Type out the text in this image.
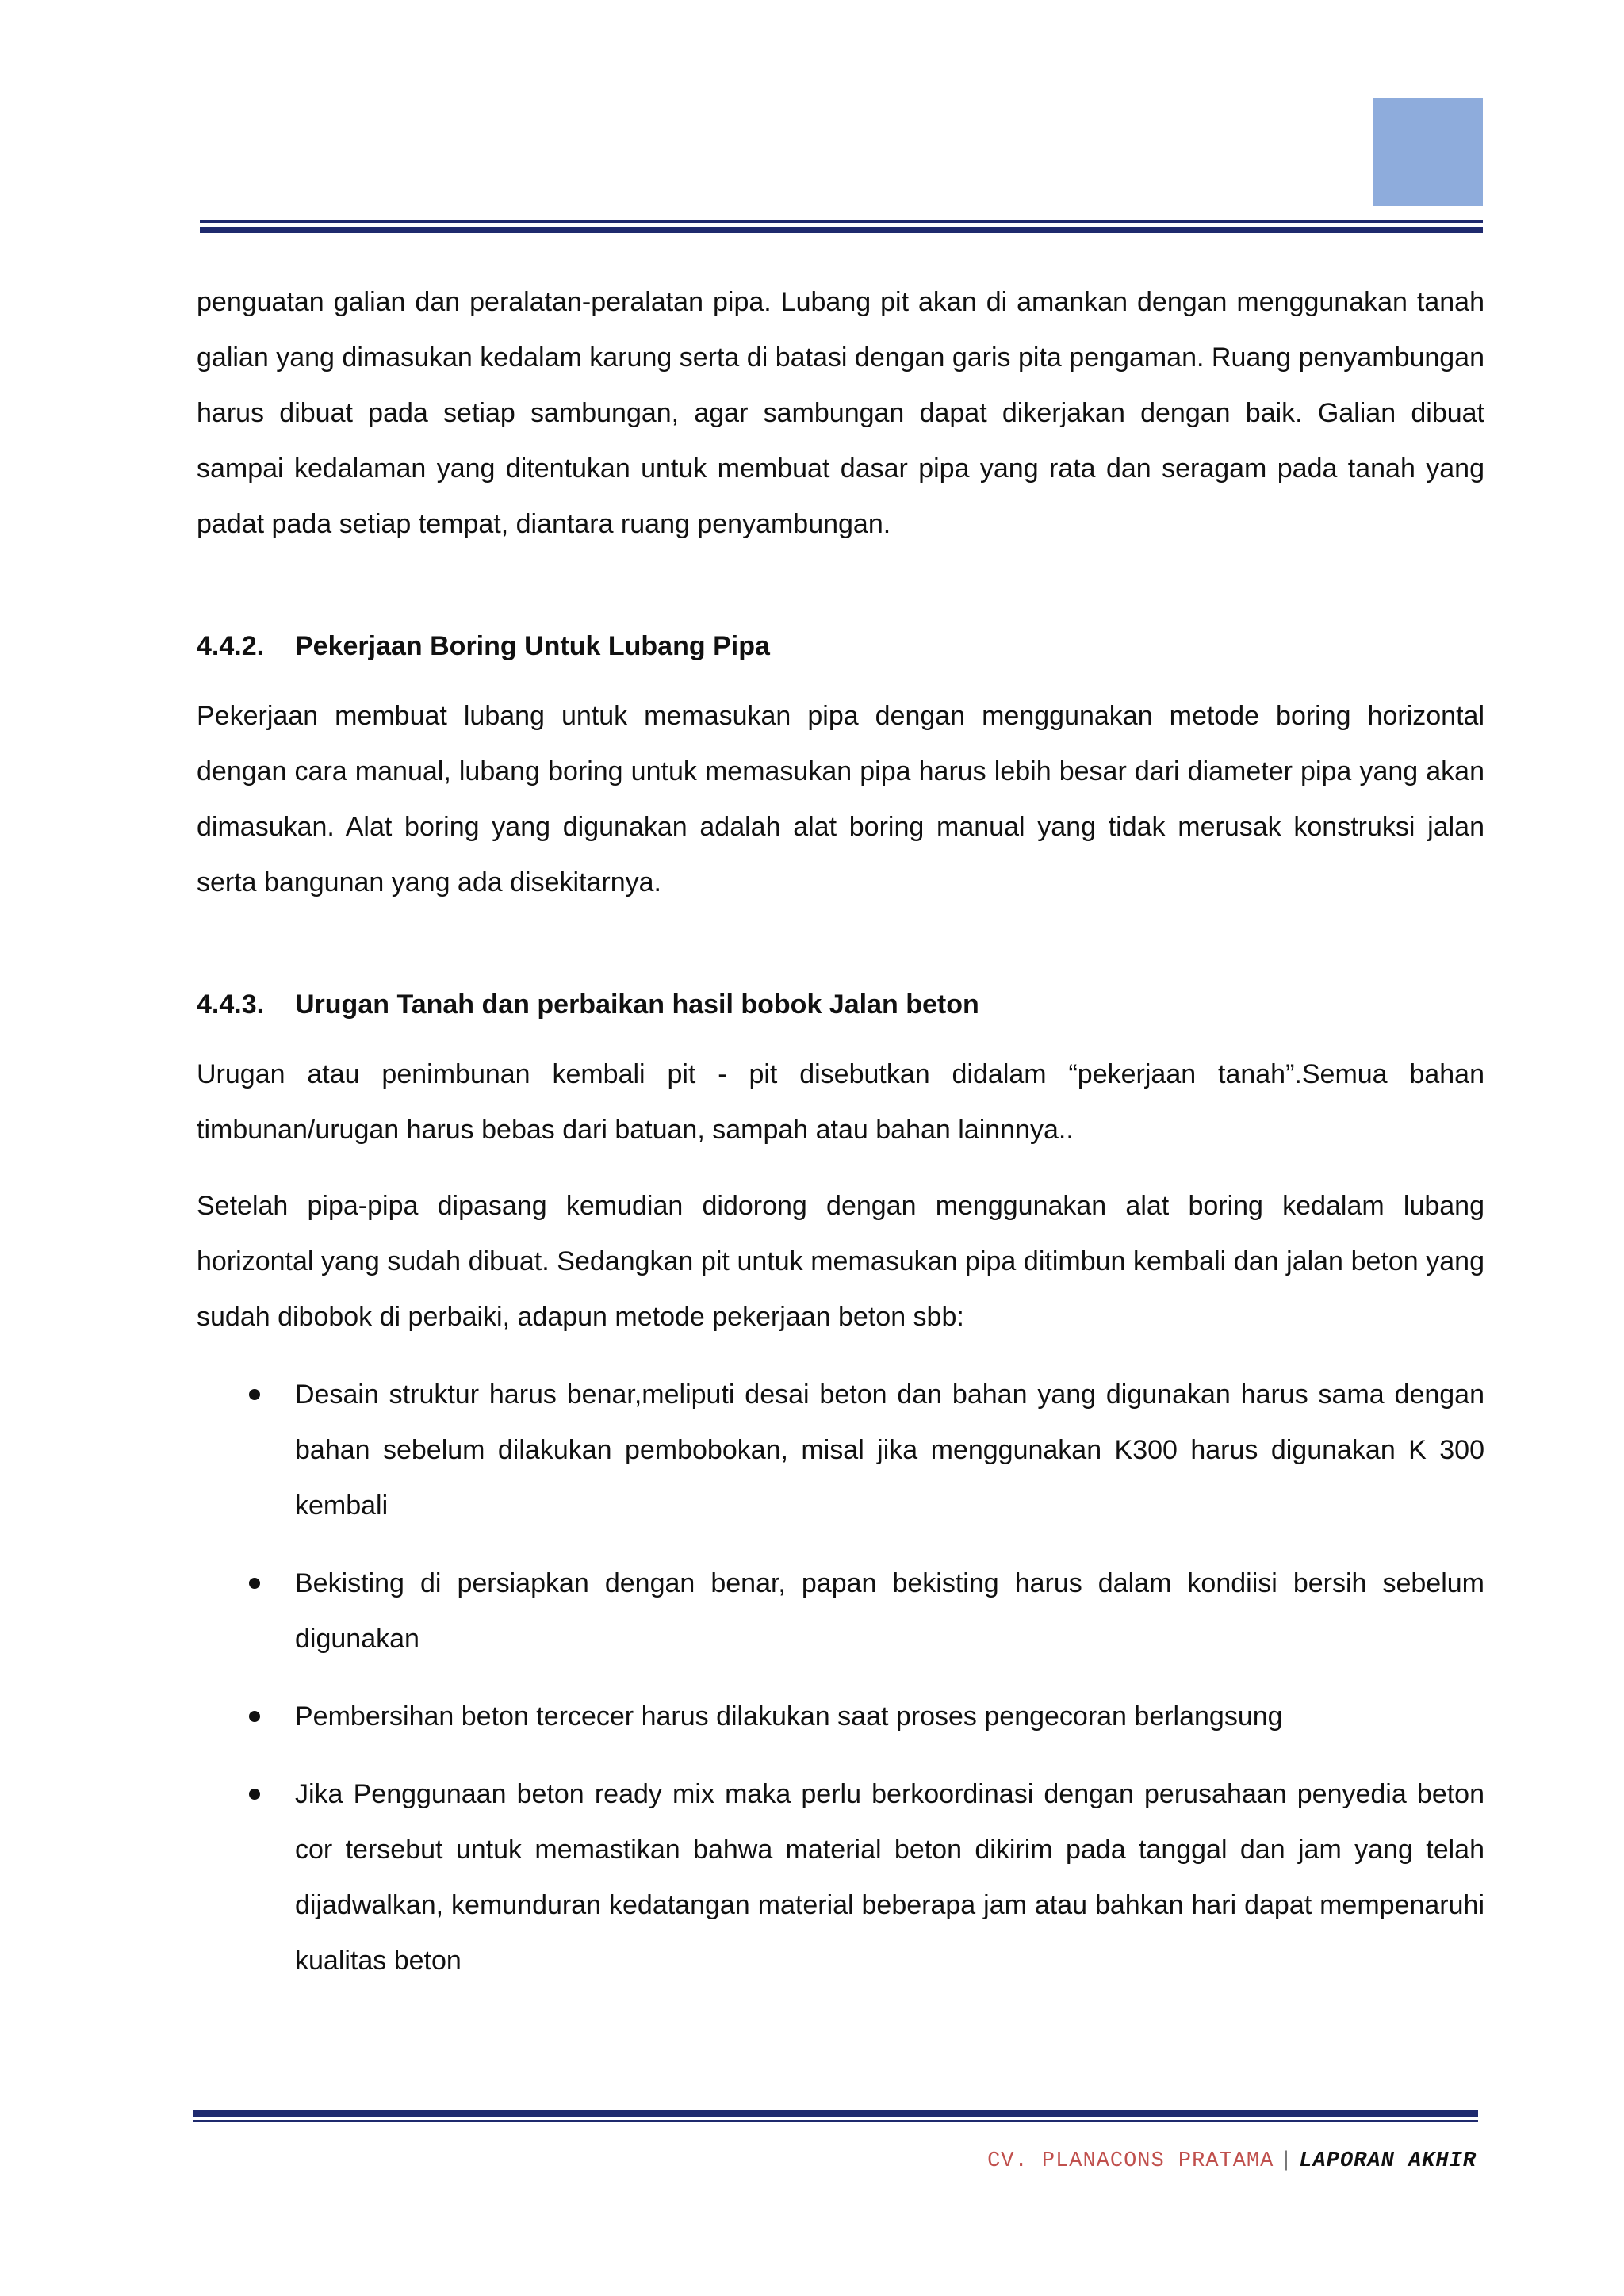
penguatan galian dan peralatan-peralatan pipa. Lubang pit akan di amankan dengan menggunakan tanah galian yang dimasukan kedalam karung serta di batasi dengan garis pita pengaman. Ruang penyambungan harus dibuat pada setiap sambungan, agar sambungan dapat dikerjakan dengan baik. Galian dibuat sampai kedalaman yang ditentukan untuk membuat dasar pipa yang rata dan seragam pada tanah yang padat pada setiap tempat, diantara ruang penyambungan.

4.4.2.	Pekerjaan Boring Untuk Lubang Pipa

Pekerjaan membuat lubang untuk memasukan pipa dengan menggunakan metode boring horizontal dengan cara manual, lubang boring untuk memasukan pipa harus lebih besar dari diameter pipa yang akan dimasukan. Alat boring yang digunakan adalah alat boring manual yang tidak merusak konstruksi jalan serta bangunan yang ada disekitarnya.

4.4.3.	Urugan Tanah dan perbaikan hasil bobok Jalan beton

Urugan atau penimbunan kembali pit - pit disebutkan didalam “pekerjaan tanah”.Semua bahan timbunan/urugan harus bebas dari batuan, sampah atau bahan lainnnya..

Setelah pipa-pipa dipasang kemudian didorong dengan menggunakan alat boring kedalam lubang horizontal yang sudah dibuat. Sedangkan pit untuk memasukan pipa ditimbun kembali dan jalan beton yang sudah dibobok di perbaiki, adapun metode pekerjaan beton sbb:

Desain struktur harus benar,meliputi desai beton dan bahan yang digunakan harus sama dengan bahan sebelum dilakukan pembobokan, misal jika menggunakan K300 harus digunakan K 300 kembali

Bekisting di persiapkan dengan benar, papan bekisting harus dalam kondiisi bersih sebelum digunakan

Pembersihan beton tercecer harus dilakukan saat proses pengecoran berlangsung

Jika Penggunaan beton ready mix maka perlu berkoordinasi dengan perusahaan penyedia beton cor tersebut untuk memastikan bahwa material beton dikirim pada tanggal dan jam yang telah dijadwalkan, kemunduran kedatangan material beberapa jam atau bahkan hari dapat mempenaruhi kualitas beton

CV. PLANACONS PRATAMA | LAPORAN AKHIR
